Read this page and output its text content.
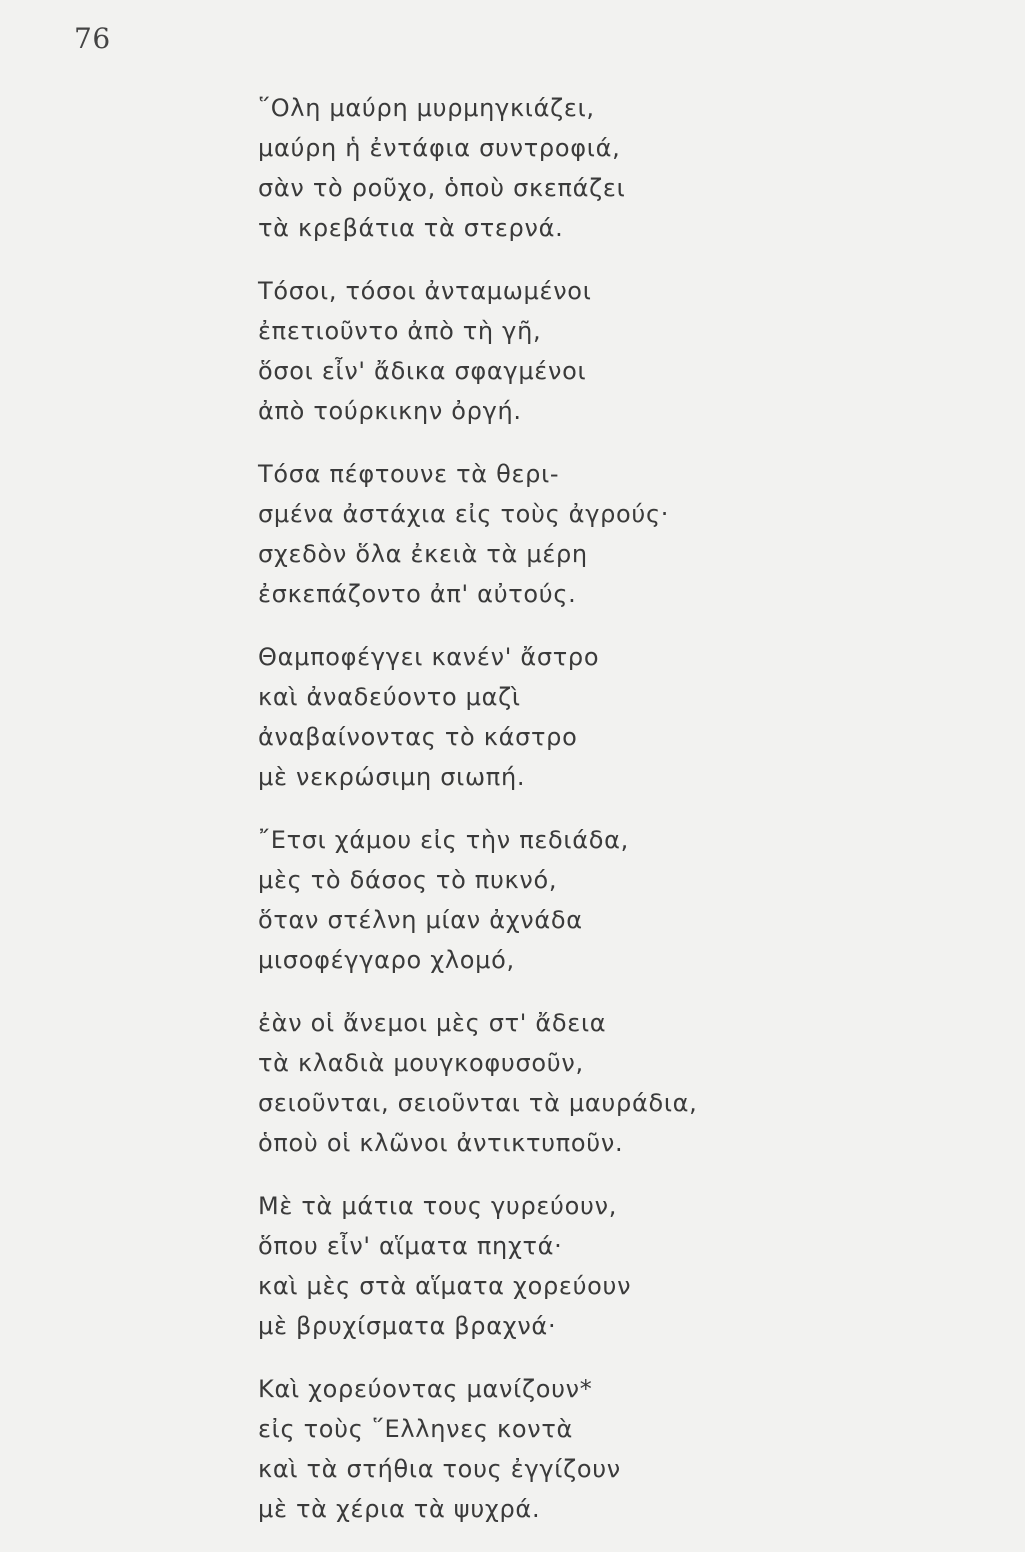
76
῞Ολη μαύρη μυρμηγκιάζει,
μαύρη ἡ ἐντάφια συντροφιά,
σὰν τὸ ροῦχο, ὁποὺ σκεπάζει
τὰ κρεβάτια τὰ στερνά.
Τόσοι, τόσοι ἀνταμωμένοι
ἐπετιοῦντο ἀπὸ τὴ γῆ,
ὅσοι εἶν' ἄδικα σφαγμένοι
ἀπὸ τούρκικην ὀργή.
Τόσα πέφτουνε τὰ θερι-
σμένα ἀστάχια εἰς τοὺς ἀγρούς·
σχεδὸν ὅλα ἐκειὰ τὰ μέρη
ἐσκεπάζοντο ἀπ' αὐτούς.
Θαμποφέγγει κανέν' ἄστρο
καὶ ἀναδεύοντο μαζὶ
ἀναβαίνοντας τὸ κάστρο
μὲ νεκρώσιμη σιωπή.
῎Ετσι χάμου εἰς τὴν πεδιάδα,
μὲς τὸ δάσος τὸ πυκνό,
ὅταν στέλνη μίαν ἀχνάδα
μισοφέγγαρο χλομό,
ἐὰν οἱ ἄνεμοι μὲς στ' ἄδεια
τὰ κλαδιὰ μουγκοφυσοῦν,
σειοῦνται, σειοῦνται τὰ μαυράδια,
ὁποὺ οἱ κλῶνοι ἀντικτυποῦν.
Μὲ τὰ μάτια τους γυρεύουν,
ὅπου εἶν' αἵματα πηχτά·
καὶ μὲς στὰ αἵματα χορεύουν
μὲ βρυχίσματα βραχνά·
Καὶ χορεύοντας μανίζουν*
εἰς τοὺς ῞Ελληνες κοντὰ
καὶ τὰ στήθια τους ἐγγίζουν
μὲ τὰ χέρια τὰ ψυχρά.
